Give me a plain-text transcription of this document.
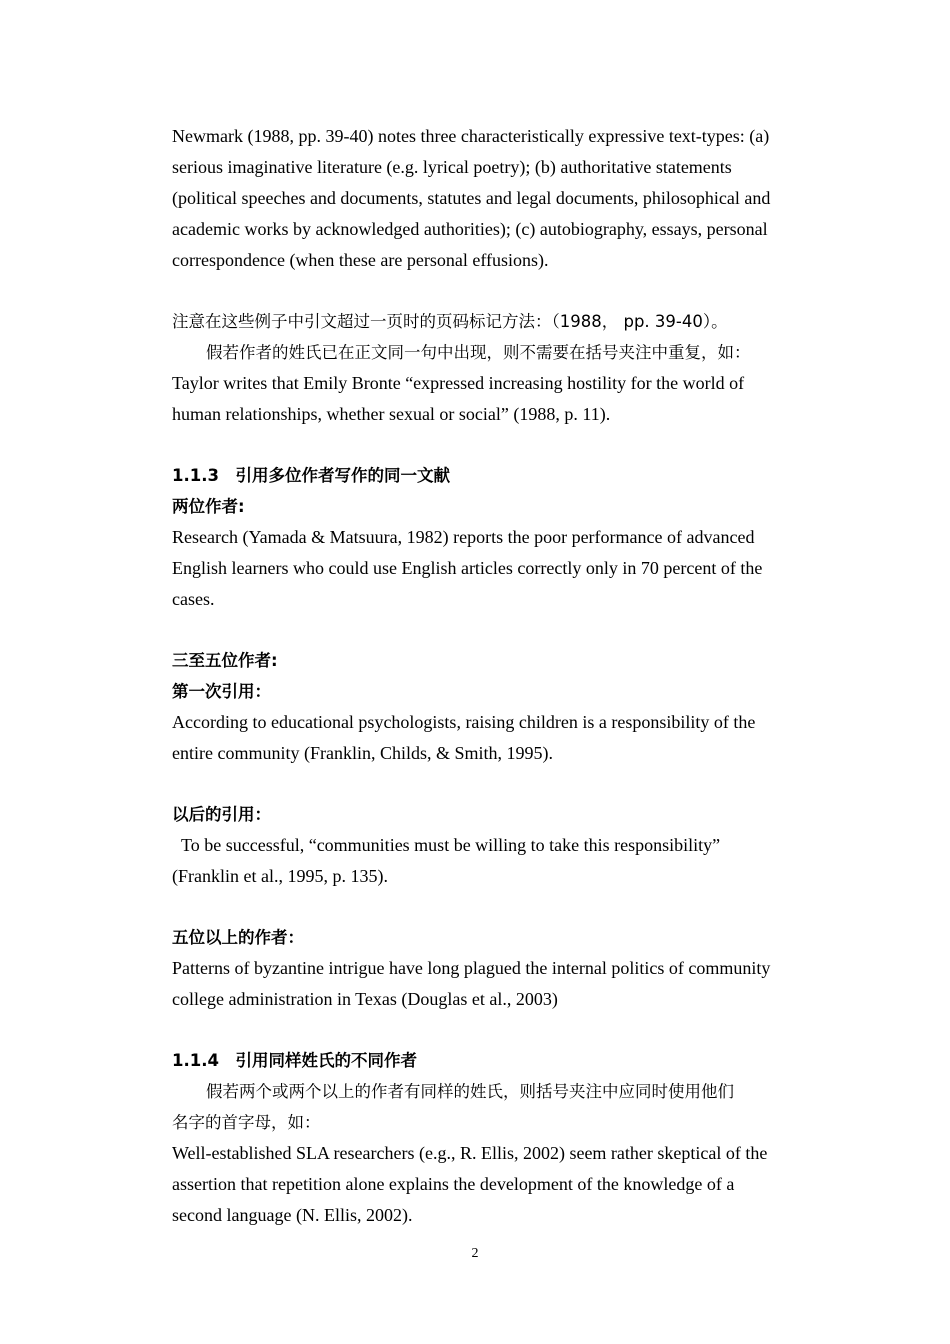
Newmark (1988, pp. 39-40) notes three characteristically expressive text-types: (a)
serious imaginative literature (e.g. lyrical poetry); (b) authoritative statements
(political speeches and documents, statutes and legal documents, philosophical and
academic works by acknowledged authorities); (c) autobiography, essays, personal
correspondence (when these are personal effusions).
注意在这些例子中引文超过一页时的页码标记方法：（1988， pp. 39-40）。
假若作者的姓氏已在正文同一句中出现，则不需要在括号夹注中重复，如：
Taylor writes that Emily Bronte “expressed increasing hostility for the world of
human relationships, whether sexual or social” (1988, p. 11).
1.1.3　引用多位作者写作的同一文献
两位作者:
Research (Yamada & Matsuura, 1982) reports the poor performance of advanced
English learners who could use English articles correctly only in 70 percent of the
cases.
三至五位作者:
第一次引用：
According to educational psychologists, raising children is a responsibility of the
entire community (Franklin, Childs, & Smith, 1995).
以后的引用：
To be successful, “communities must be willing to take this responsibility”
(Franklin et al., 1995, p. 135).
五位以上的作者：
Patterns of byzantine intrigue have long plagued the internal politics of community
college administration in Texas (Douglas et al., 2003)
1.1.4　引用同样姓氏的不同作者
假若两个或两个以上的作者有同样的姓氏，则括号夹注中应同时使用他们
名字的首字母，如：
Well-established SLA researchers (e.g., R. Ellis, 2002) seem rather skeptical of the
assertion that repetition alone explains the development of the knowledge of a
second language (N. Ellis, 2002).
2
